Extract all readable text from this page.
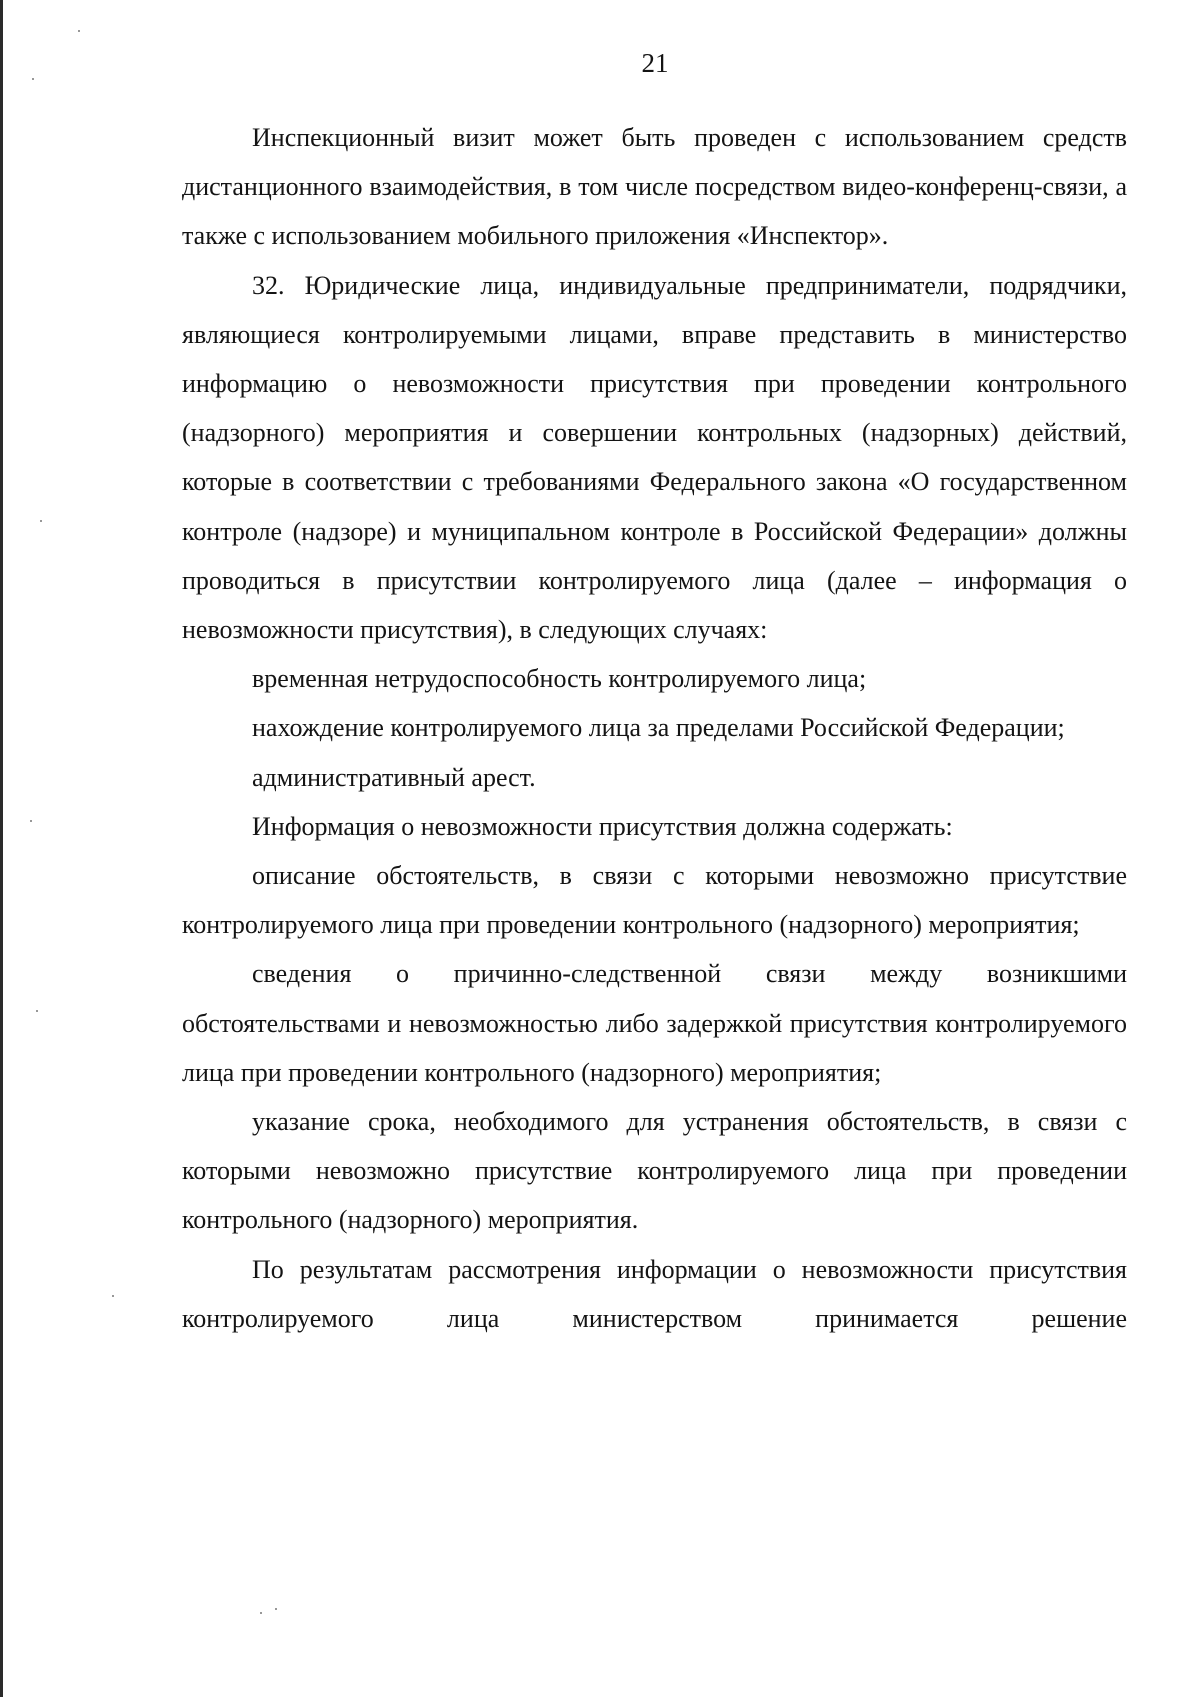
21

Инспекционный визит может быть проведен с использованием средств дистанционного взаимодействия, в том числе посредством видео-конференц-связи, а также с использованием мобильного приложения «Инспектор».

32. Юридические лица, индивидуальные предприниматели, подрядчики, являющиеся контролируемыми лицами, вправе представить в министерство информацию о невозможности присутствия при проведении контрольного (надзорного) мероприятия и совершении контрольных (надзорных) действий, которые в соответствии с требованиями Федерального закона «О государственном контроле (надзоре) и муниципальном контроле в Российской Федерации» должны проводиться в присутствии контролируемого лица (далее – информация о невозможности присутствия), в следующих случаях:

временная нетрудоспособность контролируемого лица;

нахождение контролируемого лица за пределами Российской Федерации;

административный арест.

Информация о невозможности присутствия должна содержать:

описание обстоятельств, в связи с которыми невозможно присутствие контролируемого лица при проведении контрольного (надзорного) мероприятия;

сведения о причинно-следственной связи между возникшими обстоятельствами и невозможностью либо задержкой присутствия контролируемого лица при проведении контрольного (надзорного) мероприятия;

указание срока, необходимого для устранения обстоятельств, в связи с которыми невозможно присутствие контролируемого лица при проведении контрольного (надзорного) мероприятия.

По результатам рассмотрения информации о невозможности присутствия контролируемого лица министерством принимается решение
